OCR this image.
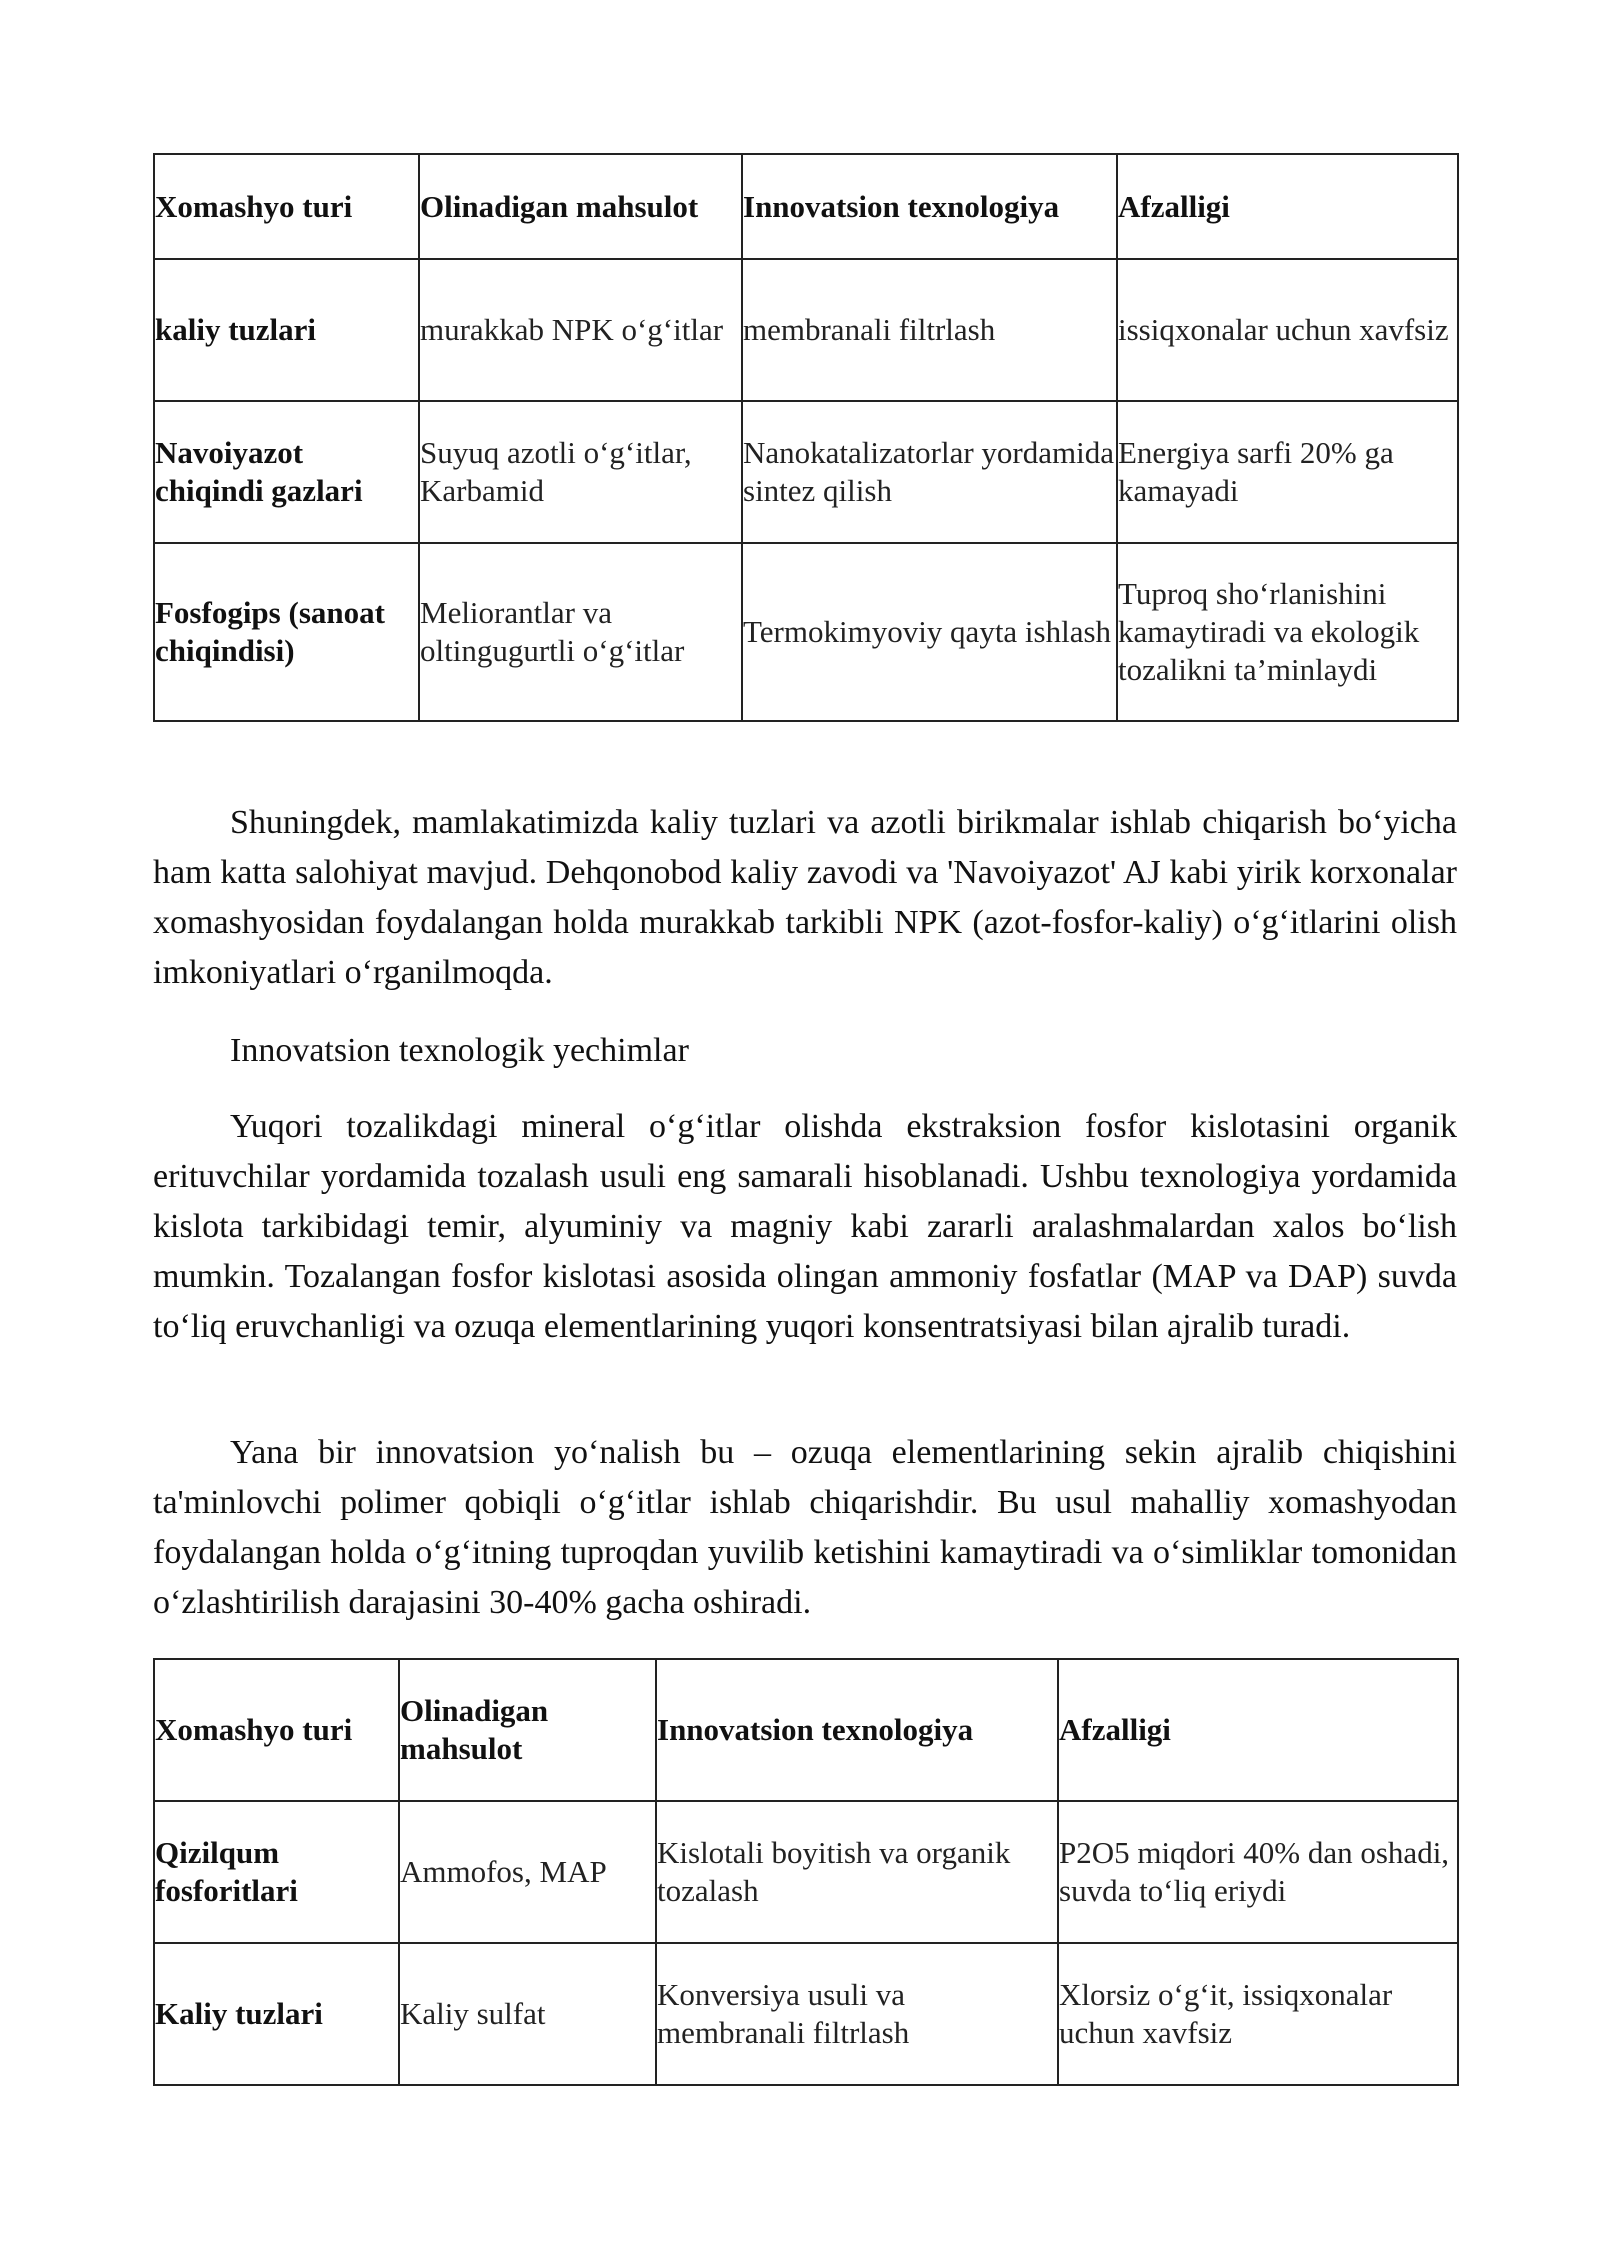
Xomashyo turi	Olinadigan mahsulot	Innovatsion texnologiya	Afzalligi
kaliy tuzlari	murakkab NPK o‘g‘itlar	membranali filtrlash	issiqxonalar uchun xavfsiz
Navoiyazot chiqindi gazlari	Suyuq azotli o‘g‘itlar, Karbamid	Nanokatalizatorlar yordamida sintez qilish	Energiya sarfi 20% ga kamayadi
Fosfogips (sanoat chiqindisi)	Meliorantlar va oltingugurtli o‘g‘itlar	Termokimyoviy qayta ishlash	Tuproq sho‘rlanishini kamaytiradi va ekologik tozalikni ta’minlaydi

Shuningdek, mamlakatimizda kaliy tuzlari va azotli birikmalar ishlab chiqarish bo‘yicha ham katta salohiyat mavjud. Dehqonobod kaliy zavodi va 'Navoiyazot' AJ kabi yirik korxonalar xomashyosidan foydalangan holda murakkab tarkibli NPK (azot-fosfor-kaliy) o‘g‘itlarini olish imkoniyatlari o‘rganilmoqda.

Innovatsion texnologik yechimlar

Yuqori tozalikdagi mineral o‘g‘itlar olishda ekstraksion fosfor kislotasini organik erituvchilar yordamida tozalash usuli eng samarali hisoblanadi. Ushbu texnologiya yordamida kislota tarkibidagi temir, alyuminiy va magniy kabi zararli aralashmalardan xalos bo‘lish mumkin. Tozalangan fosfor kislotasi asosida olingan ammoniy fosfatlar (MAP va DAP) suvda to‘liq eruvchanligi va ozuqa elementlarining yuqori konsentratsiyasi bilan ajralib turadi.

Yana bir innovatsion yo‘nalish bu – ozuqa elementlarining sekin ajralib chiqishini ta'minlovchi polimer qobiqli o‘g‘itlar ishlab chiqarishdir. Bu usul mahalliy xomashyodan foydalangan holda o‘g‘itning tuproqdan yuvilib ketishini kamaytiradi va o‘simliklar tomonidan o‘zlashtirilish darajasini 30-40% gacha oshiradi.

Xomashyo turi	Olinadigan mahsulot	Innovatsion texnologiya	Afzalligi
Qizilqum fosforitlari	Ammofos, MAP	Kislotali boyitish va organik tozalash	P2O5 miqdori 40% dan oshadi, suvda to‘liq eriydi
Kaliy tuzlari	Kaliy sulfat	Konversiya usuli va membranali filtrlash	Xlorsiz o‘g‘it, issiqxonalar uchun xavfsiz
